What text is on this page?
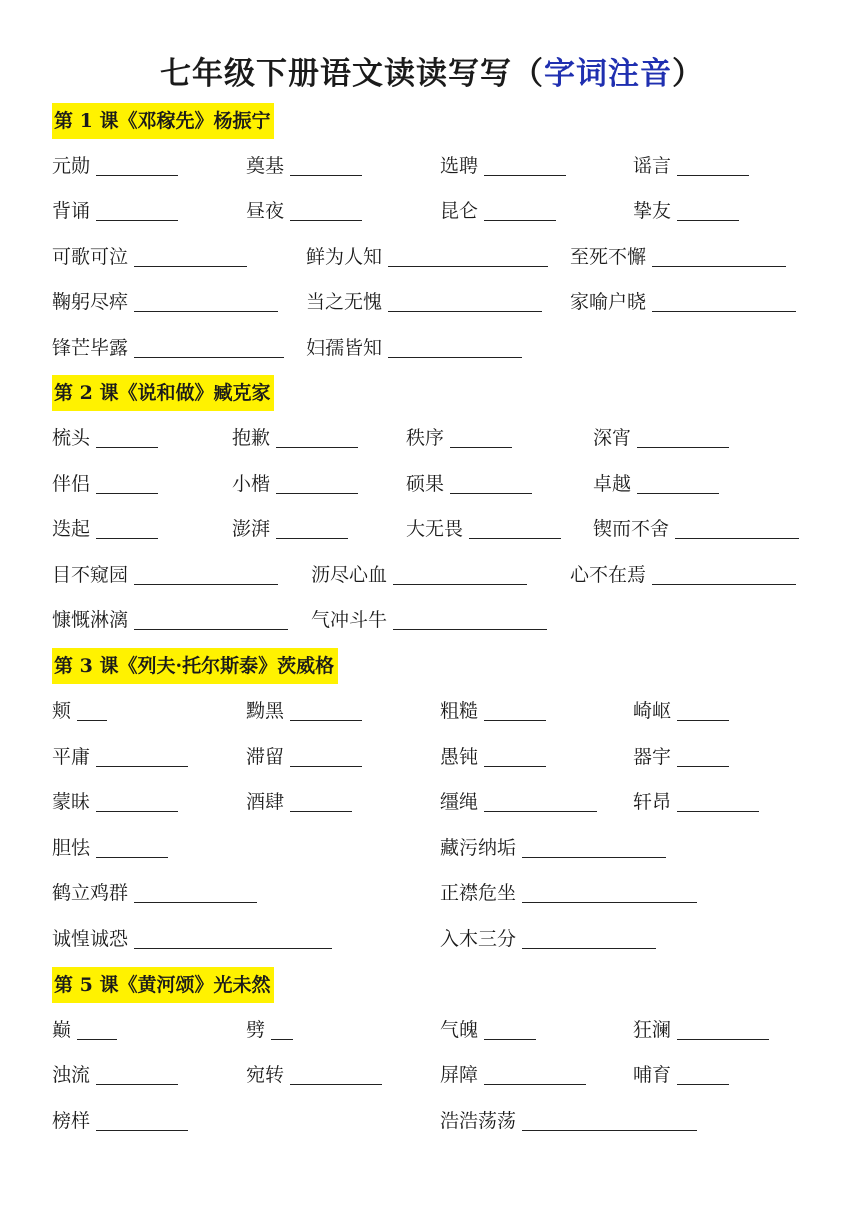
七年级下册语文读读写写（字词注音）
第 1 课《邓稼先》杨振宁
元勋	奠基	选聘	谣言
背诵	昼夜	昆仑	挚友
可歌可泣	鲜为人知	至死不懈
鞠躬尽瘁	当之无愧	家喻户晓
锋芒毕露	妇孺皆知
第 2 课《说和做》臧克家
梳头	抱歉	秩序	深宵
伴侣	小楷	硕果	卓越
迭起	澎湃	大无畏	锲而不舍
目不窥园	沥尽心血	心不在焉
慷慨淋漓	气冲斗牛
第 3 课《列夫·托尔斯泰》茨威格
颊	黝黑	粗糙	崎岖
平庸	滞留	愚钝	器宇
蒙昧	酒肆	缰绳	轩昂
胆怯	藏污纳垢
鹤立鸡群	正襟危坐
诚惶诚恐	入木三分
第 5 课《黄河颂》光未然
巅	劈	气魄	狂澜
浊流	宛转	屏障	哺育
榜样	浩浩荡荡
